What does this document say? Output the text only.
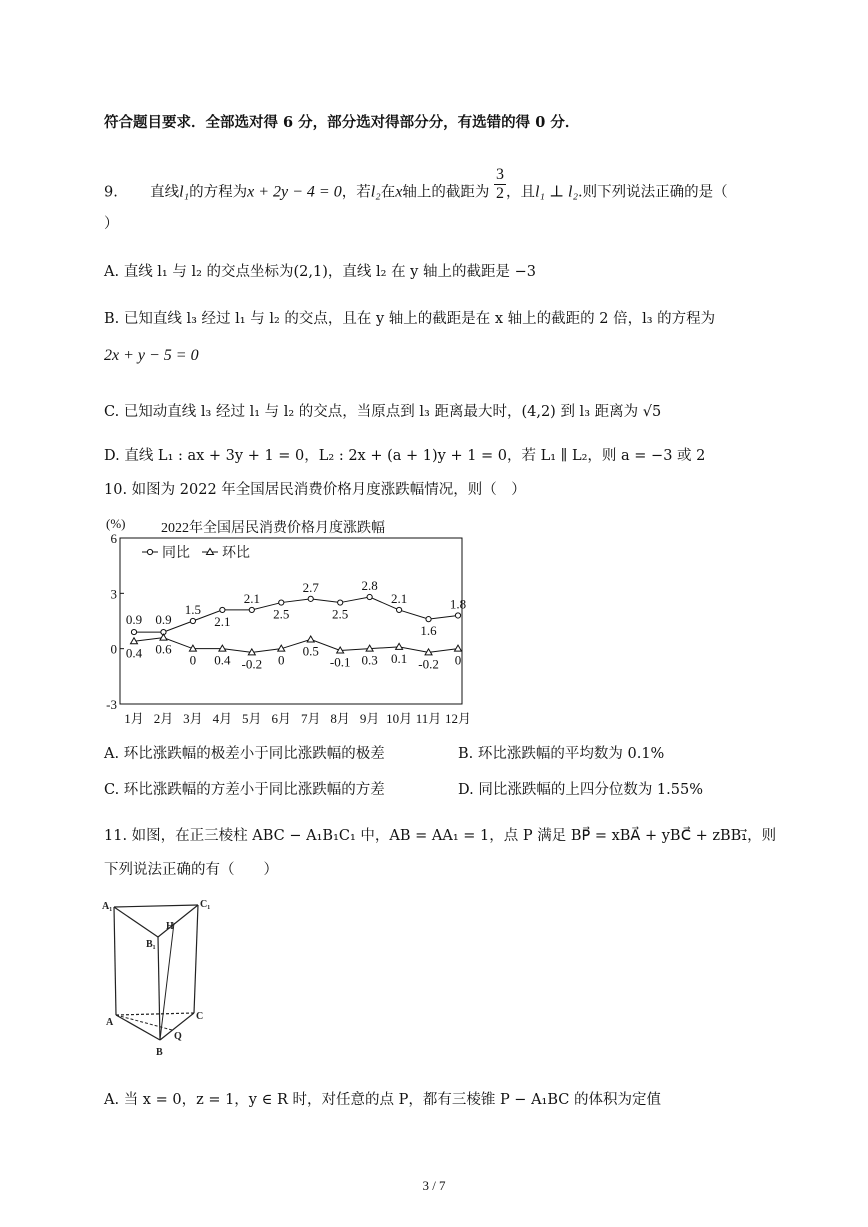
符合题目要求．全部选对得 6 分，部分选对得部分分，有选错的得 0 分．
9. 直线l₁的方程为x + 2y − 4 = 0，若l₂在x轴上的截距为 $\frac{3}{2}$ ，且l₁ ⊥ l₂.则下列说法正确的是（
）
A. 直线 l₁ 与 l₂ 的交点坐标为(2,1)，直线 l₂ 在 y 轴上的截距是 −3
B. 已知直线 l₃ 经过 l₁ 与 l₂ 的交点，且在 y 轴上的截距是在 x 轴上的截距的 2 倍，l₃ 的方程为
2x + y − 5 = 0
C. 已知动直线 l₃ 经过 l₁ 与 l₂ 的交点，当原点到 l₃ 距离最大时，(4,2) 到 l₃ 距离为 √5
D. 直线 L₁ : ax + 3y + 1 = 0，L₂ : 2x + (a + 1)y + 1 = 0，若 L₁ ∥ L₂，则 a = −3 或 2
10. 如图为 2022 年全国居民消费价格月度涨跌幅情况，则（　）
(%)	2022年全国居民消费价格月度涨跌幅
6
3
0
-3
1月 2月 3月 4月 5月 6月 7月 8月 9月 10月 11月 12月
0.9 0.9
1.5
2.1
2.1
2.5
2.7
2.5
2.8
2.1
1.6
1.8
0.4 0.6
0 0.4 -0.2 0
0.5
-0.1 0.3 0.1 -0.2 0
同比 环比
A. 环比涨跌幅的极差小于同比涨跌幅的极差	B. 环比涨跌幅的平均数为 0.1%
C. 环比涨跌幅的方差小于同比涨跌幅的方差	D. 同比涨跌幅的上四分位数为 1.55%
11. 如图，在正三棱柱 ABC − A₁B₁C₁ 中，AB = AA₁ = 1，点 P 满足 BP⃗ = xBA⃗ + yBC⃗ + zBB₁⃗，则
下列说法正确的有（　　）
A₁	C₁
H
B₁
A
C
B
Q
A. 当 x = 0，z = 1，y ∈ R 时，对任意的点 P，都有三棱锥 P − A₁BC 的体积为定值
3 / 7
